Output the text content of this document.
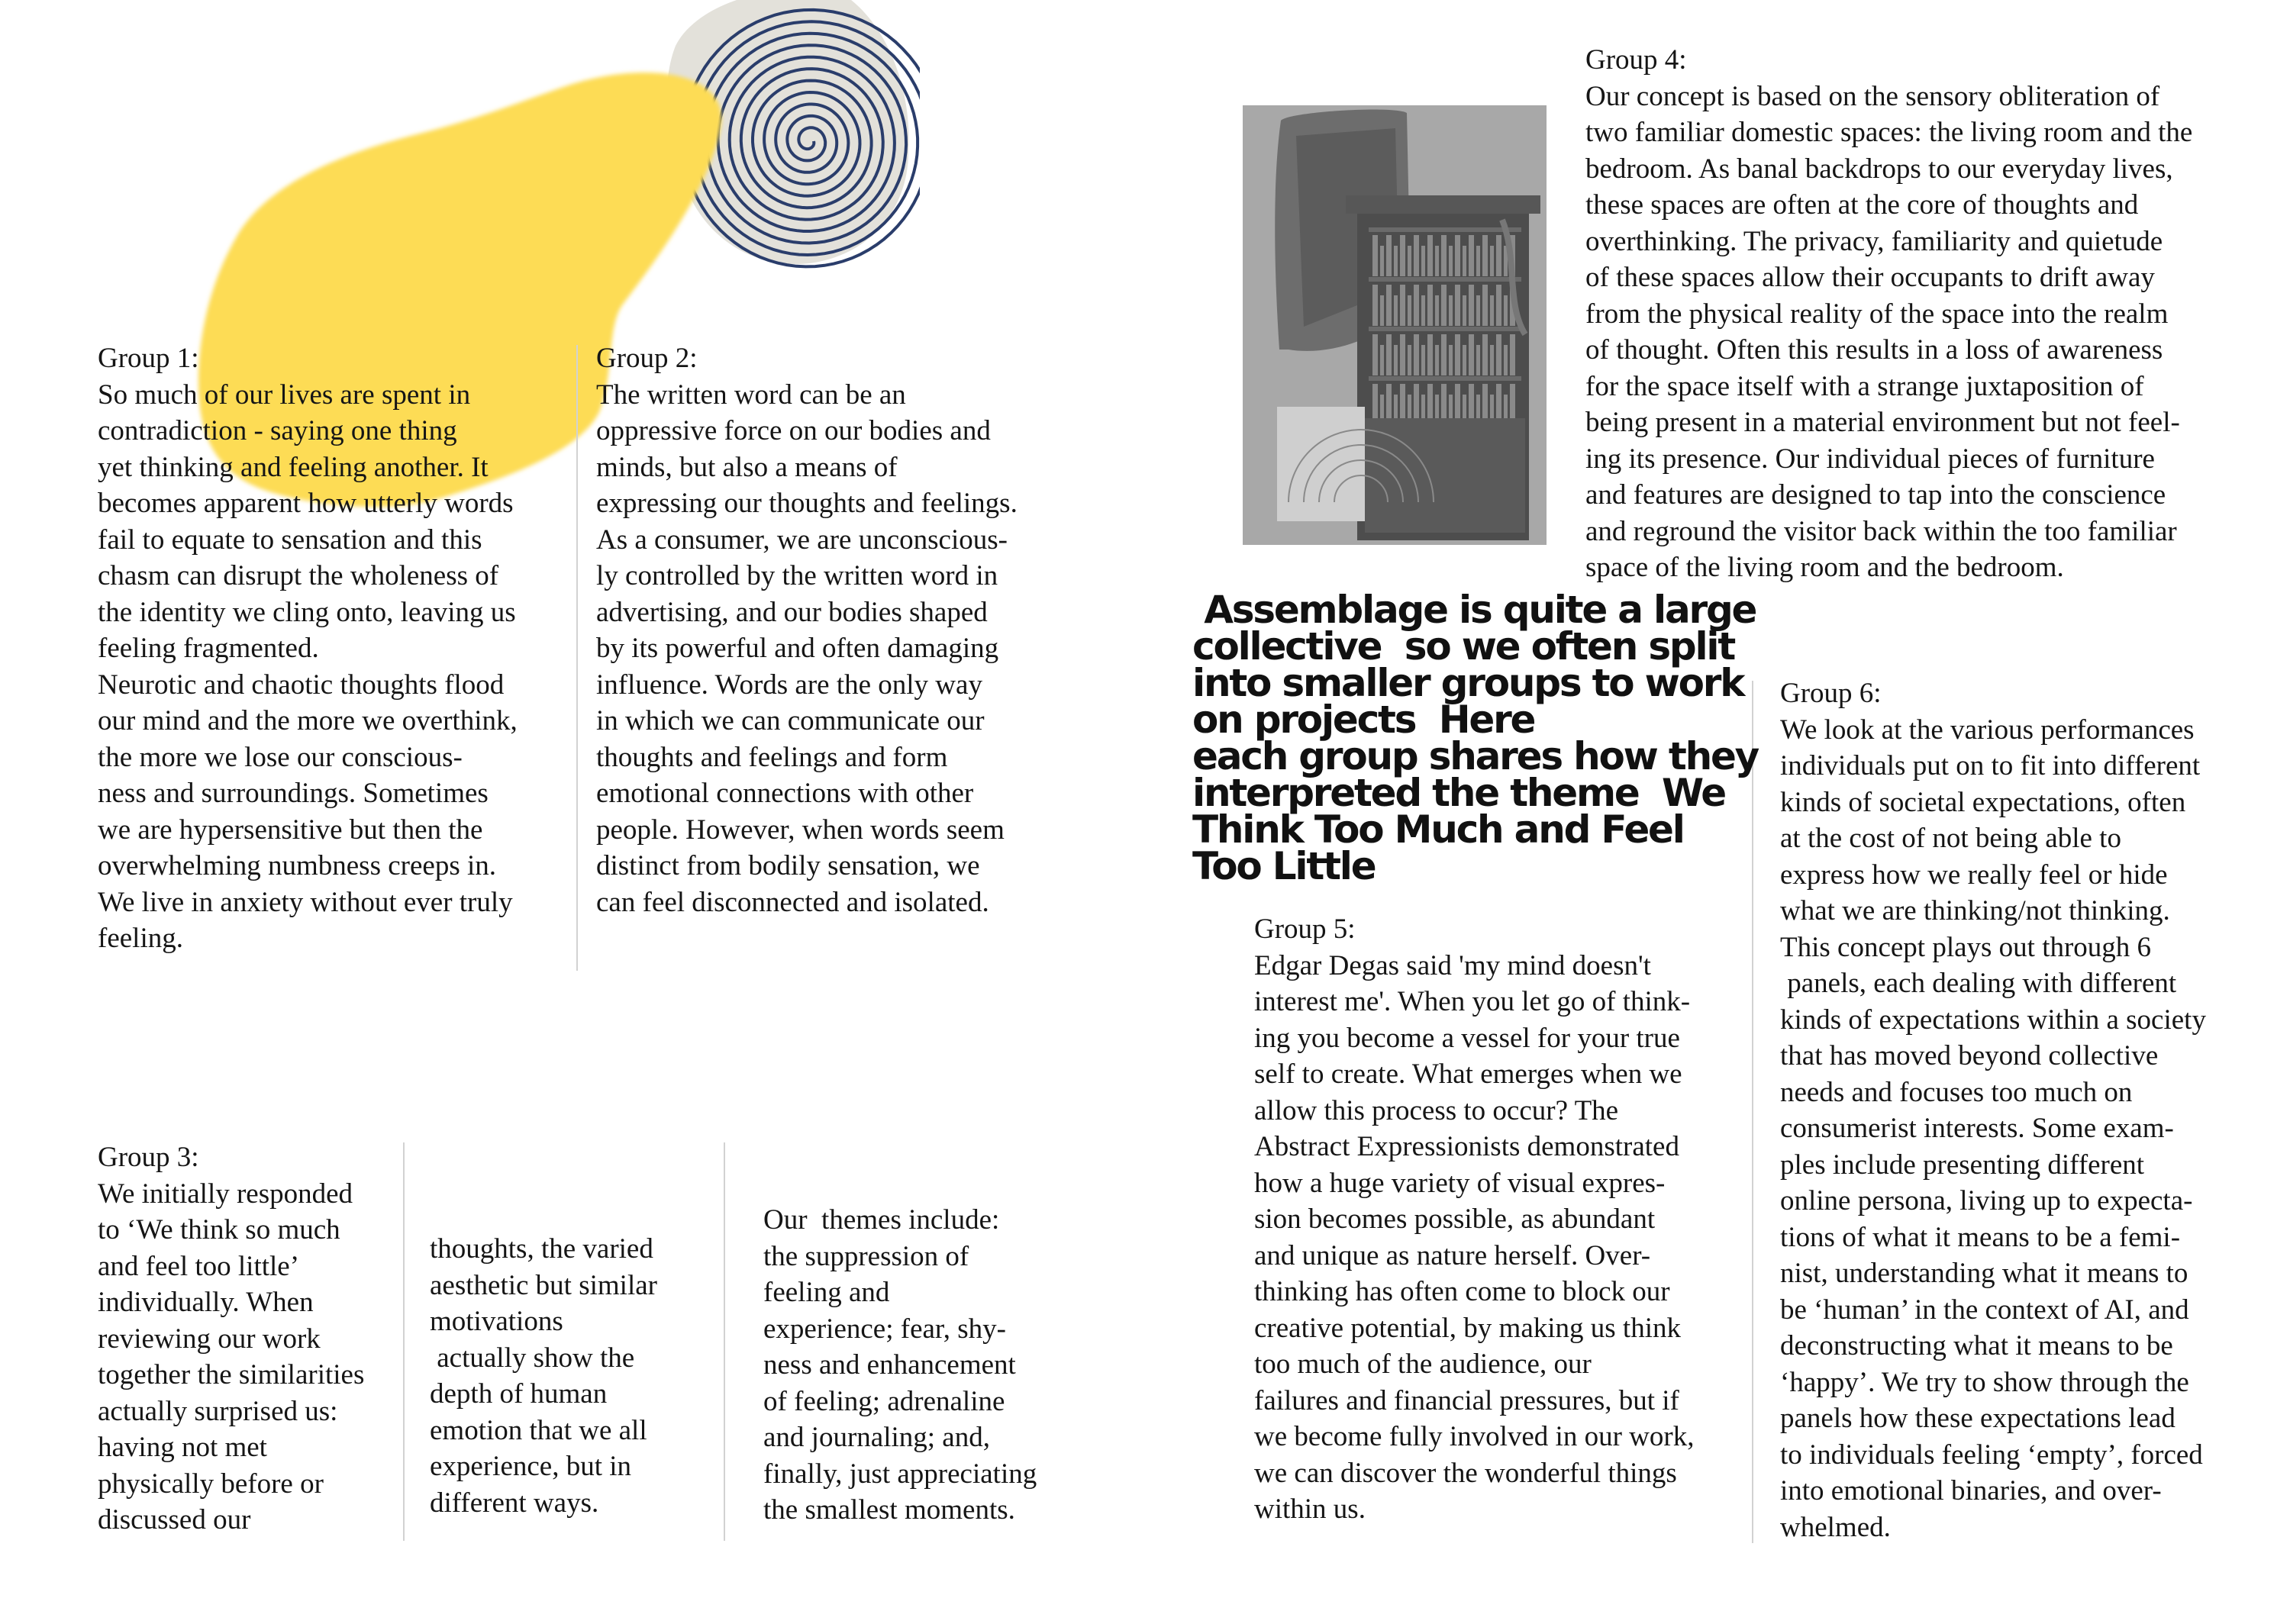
Group 1:
So much of our lives are spent in
contradiction - saying one thing
yet thinking and feeling another. It
becomes apparent how utterly words
fail to equate to sensation and this
chasm can disrupt the wholeness of
the identity we cling onto, leaving us
feeling fragmented.
Neurotic and chaotic thoughts flood
our mind and the more we overthink,
the more we lose our conscious-
ness and surroundings. Sometimes
we are hypersensitive but then the
overwhelming numbness creeps in.
We live in anxiety without ever truly
feeling.
Group 2:
The written word can be an
oppressive force on our bodies and
minds, but also a means of
expressing our thoughts and feelings.
As a consumer, we are unconscious-
ly controlled by the written word in
advertising, and our bodies shaped
by its powerful and often damaging
influence. Words are the only way
in which we can communicate our
thoughts and feelings and form
emotional connections with other
people. However, when words seem
distinct from bodily sensation, we
can feel disconnected and isolated.
Group 3:
We initially responded
to ‘We think so much
and feel too little’
individually. When
reviewing our work
together the similarities
actually surprised us:
having not met
physically before or
discussed our
thoughts, the varied
aesthetic but similar
motivations
actually show the
depth of human
emotion that we all
experience, but in
different ways.
Our  themes include:
the suppression of
feeling and
experience; fear, shy-
ness and enhancement
of feeling; adrenaline
and journaling; and,
finally, just appreciating
the smallest moments.
Group 4:
Our concept is based on the sensory obliteration of
two familiar domestic spaces: the living room and the
bedroom. As banal backdrops to our everyday lives,
these spaces are often at the core of thoughts and
overthinking. The privacy, familiarity and quietude
of these spaces allow their occupants to drift away
from the physical reality of the space into the realm
of thought. Often this results in a loss of awareness
for the space itself with a strange juxtaposition of
being present in a material environment but not feel-
ing its presence. Our individual pieces of furniture
and features are designed to tap into the conscience
and reground the visitor back within the too familiar
space of the living room and the bedroom.
Assemblage is quite a large
collective  so we often split
into smaller groups to work
on projects  Here
each group shares how they
interpreted the theme  We
Think Too Much and Feel
Too Little
Group 5:
Edgar Degas said 'my mind doesn't
interest me'. When you let go of think-
ing you become a vessel for your true
self to create. What emerges when we
allow this process to occur? The
Abstract Expressionists demonstrated
how a huge variety of visual expres-
sion becomes possible, as abundant
and unique as nature herself. Over-
thinking has often come to block our
creative potential, by making us think
too much of the audience, our
failures and financial pressures, but if
we become fully involved in our work,
we can discover the wonderful things
within us.
Group 6:
We look at the various performances
individuals put on to fit into different
kinds of societal expectations, often
at the cost of not being able to
express how we really feel or hide
what we are thinking/not thinking.
This concept plays out through 6
panels, each dealing with different
kinds of expectations within a society
that has moved beyond collective
needs and focuses too much on
consumerist interests. Some exam-
ples include presenting different
online persona, living up to expecta-
tions of what it means to be a femi-
nist, understanding what it means to
be ‘human’ in the context of AI, and
deconstructing what it means to be
‘happy’. We try to show through the
panels how these expectations lead
to individuals feeling ‘empty’, forced
into emotional binaries, and over-
whelmed.
